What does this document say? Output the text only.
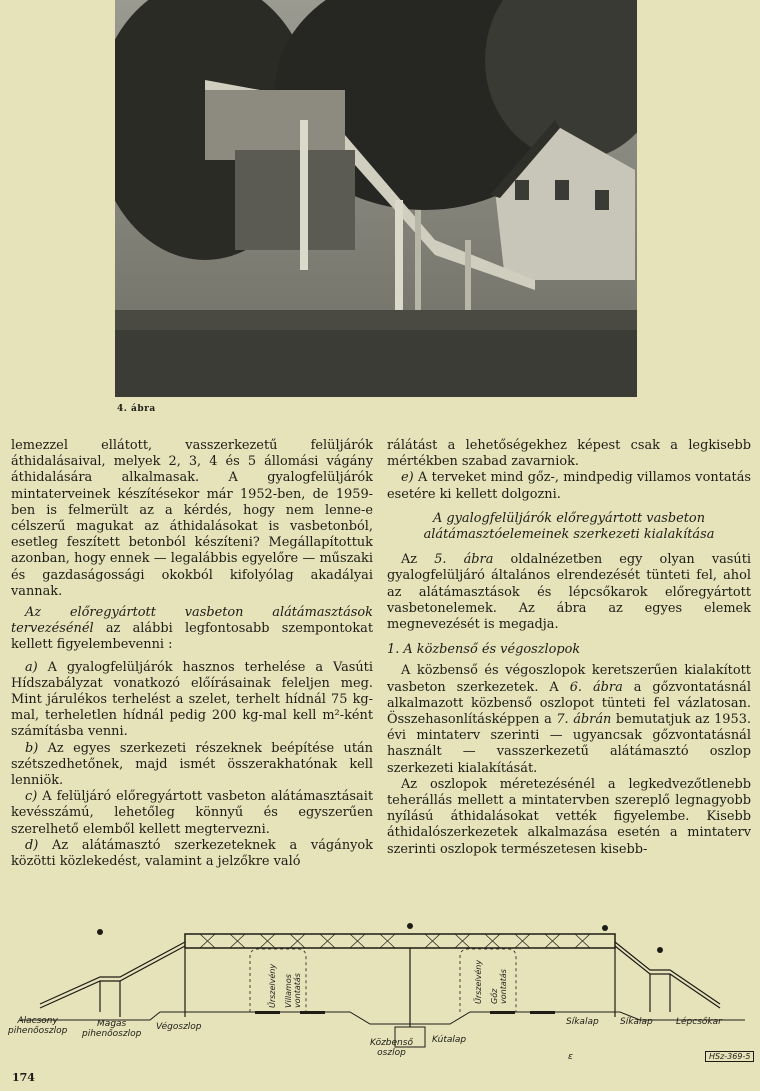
4. ábra

lemezzel ellátott, vasszerkezetű felüljárók áthidalásaival, melyek 2, 3, 4 és 5 állomási vágány áthidalására alkalmasak. A gyalogfelüljárók mintaterveinek készítésekor már 1952-ben, de 1959-ben is felmerült az a kérdés, hogy nem lenne-e célszerű magukat az áthidalásokat is vasbetonból, esetleg feszített betonból készíteni? Megállapítottuk azonban, hogy ennek — legalábbis egyelőre — műszaki és gazdaságossági okokból kifolyólag akadályai vannak.

Az előregyártott vasbeton alátámasztások tervezésénél az alábbi legfontosabb szempontokat kellett figyelembevenni :

a) A gyalogfelüljárók hasznos terhelése a Vasúti Hídszabályzat vonatkozó előírásainak feleljen meg. Mint járulékos terhelést a szelet, terhelt hídnál 75 kg-mal, terheletlen hídnál pedig 200 kg-mal kell m²-ként számításba venni.

b) Az egyes szerkezeti részeknek beépítése után szétszedhetőnek, majd ismét összerakhatónak kell lenniök.

c) A felüljáró előregyártott vasbeton alátámasztásait kevésszámú, lehetőleg könnyű és egyszerűen szerelhető elemből kellett megtervezni.

d) Az alátámasztó szerkezeteknek a vágányok közötti közlekedést, valamint a jelzőkre való

rálátást a lehetőségekhez képest csak a legkisebb mértékben szabad zavarniok.

e) A terveket mind gőz-, mindpedig villamos vontatás esetére ki kellett dolgozni.

A gyalogfelüljárók előregyártott vasbeton alátámasztóelemeinek szerkezeti kialakítása

Az 5. ábra oldalnézetben egy olyan vasúti gyalogfelüljáró általános elrendezését tünteti fel, ahol az alátámasztások és lépcsőkarok előregyártott vasbetonelemek. Az ábra az egyes elemek megnevezését is megadja.

1. A közbenső és végoszlopok

A közbenső és végoszlopok keretszerűen kialakított vasbeton szerkezetek. A 6. ábra a gőzvontatásnál alkalmazott közbenső oszlopot tünteti fel vázlatosan. Összehasonlításképpen a 7. ábrán bemutatjuk az 1953. évi mintaterv szerinti — ugyancsak gőzvontatásnál használt — vasszerkezetű alátámasztó oszlop szerkezeti kialakítását.

Az oszlopok méretezésénél a legkedvezőtlenebb teherállás mellett a mintatervben szereplő legnagyobb nyílású áthidalásokat vették figyelembe. Kisebb áthidalószerkezetek alkalmazása esetén a mintaterv szerinti oszlopok természetesen kisebb-

Alacsony
pihenőoszlop
Magas
pihenőoszlop
Végoszlop
Közbenső
oszlop
Kútalap
Síkalap Síkalap	Lépcsőkar
ε
Űrszelvény Villamos
vontatás	Űrszelvény Gőz
vontatás
HSz-369-5
174
